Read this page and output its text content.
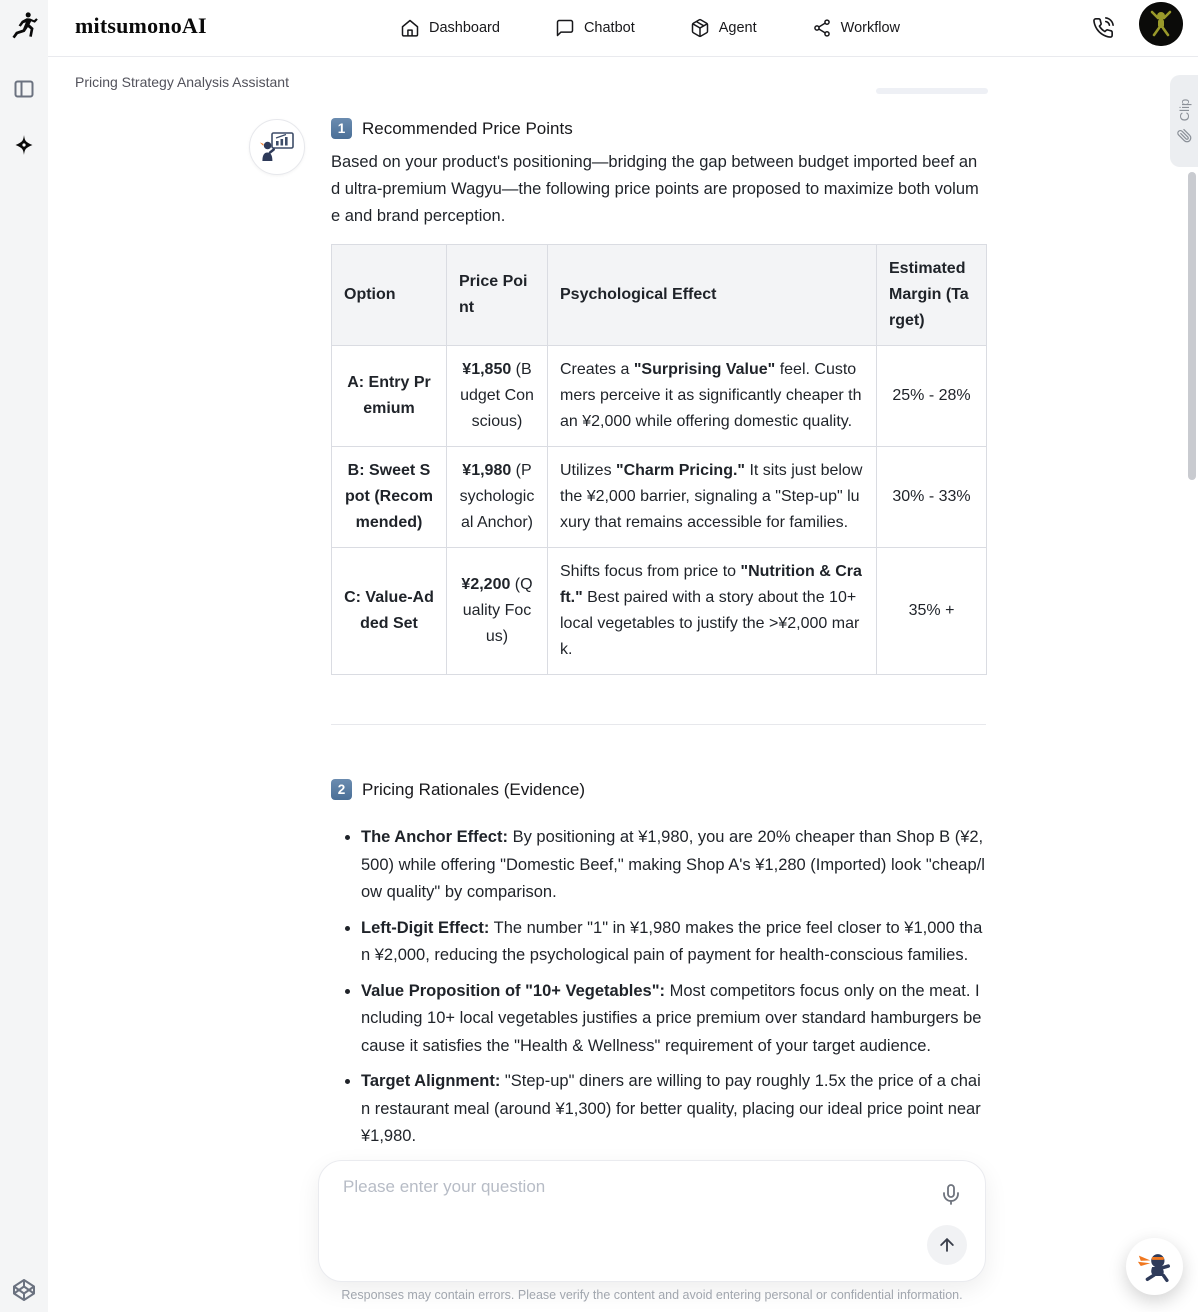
mitsumonoAI	Dashboard	Chatbot	Agent	Workflow
Pricing Strategy Analysis Assistant
1 Recommended Price Points

Based on your product's positioning—bridging the gap between budget imported beef and ultra-premium Wagyu—the following price points are proposed to maximize both volume and brand perception.

Option	Price Point	Psychological Effect	Estimated Margin (Target)
A: Entry Premium	¥1,850 (Budget Conscious)	Creates a "Surprising Value" feel. Customers perceive it as significantly cheaper than ¥2,000 while offering domestic quality.	25% - 28%
B: Sweet Spot (Recommended)	¥1,980 (Psychological Anchor)	Utilizes "Charm Pricing." It sits just below the ¥2,000 barrier, signaling a "Step-up" luxury that remains accessible for families.	30% - 33%
C: Value-Added Set	¥2,200 (Quality Focus)	Shifts focus from price to "Nutrition & Craft." Best paired with a story about the 10+ local vegetables to justify the >¥2,000 mark.	35% +
2 Pricing Rationales (Evidence)
• The Anchor Effect: By positioning at ¥1,980, you are 20% cheaper than Shop B (¥2,500) while offering "Domestic Beef," making Shop A's ¥1,280 (Imported) look "cheap/low quality" by comparison.
• Left-Digit Effect: The number "1" in ¥1,980 makes the price feel closer to ¥1,000 than ¥2,000, reducing the psychological pain of payment for health-conscious families.
• Value Proposition of "10+ Vegetables": Most competitors focus only on the meat. Including 10+ local vegetables justifies a price premium over standard hamburgers because it satisfies the "Health & Wellness" requirement of your target audience.
• Target Alignment: "Step-up" diners are willing to pay roughly 1.5x the price of a chain restaurant meal (around ¥1,300) for better quality, placing our ideal price point near ¥1,980.
Please enter your question
Responses may contain errors. Please verify the content and avoid entering personal or confidential information.
Clip
